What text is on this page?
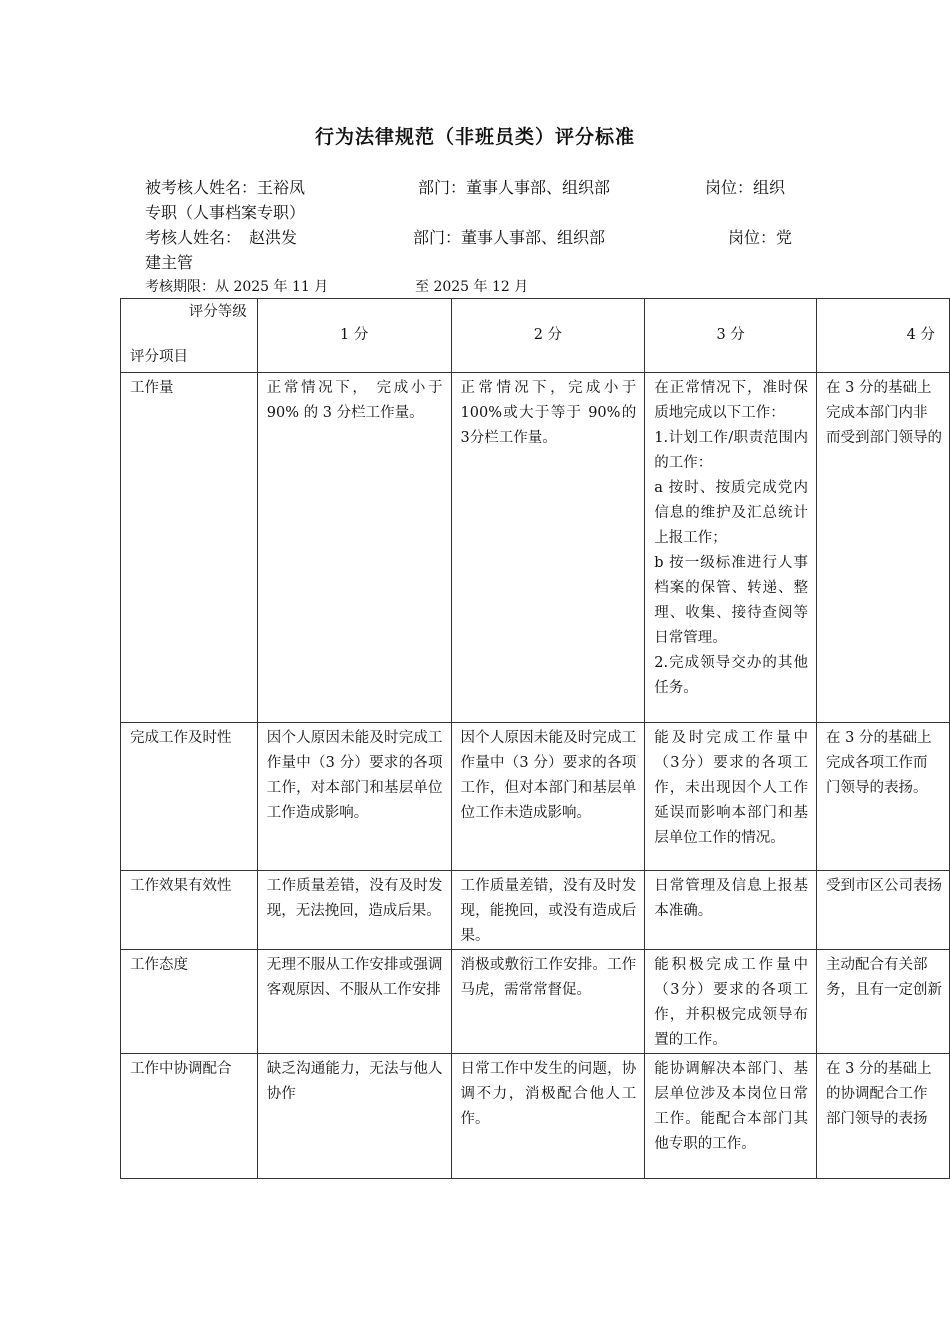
行为法律规范（非班员类）评分标准
被考核人姓名：王裕凤	部门：董事人事部、组织部	岗位：组织
专职（人事档案专职）
考核人姓名：　赵洪发	部门：董事人事部、组织部	岗位：党
建主管
考核期限：从 2025 年 11 月	至 2025 年 12 月
评分等级
评分项目	1 分	2 分	3 分	4 分
工作量	正常情况下， 完成小于90% 的 3 分栏工作量。	正常情况下，完成小于100%或大于等于 90%的 3分栏工作量。	在正常情况下，准时保质地完成以下工作：
1.计划工作/职责范围内的工作：
a 按时、按质完成党内信息的维护及汇总统计上报工作；
b 按一级标准进行人事档案的保管、转递、整理、收集、接待查阅等日常管理。
2.完成领导交办的其他任务。	在 3 分的基础上
完成本部门内非
而受到部门领导的

完成工作及时性	因个人原因未能及时完成工作量中（3 分）要求的各项工作，对本部门和基层单位工作造成影响。	因个人原因未能及时完成工作量中（3 分）要求的各项工作，但对本部门和基层单位工作未造成影响。	能及时完成工作量中（3分）要求的各项工作，未出现因个人工作延误而影响本部门和基层单位工作的情况。	在 3 分的基础上
完成各项工作而
门领导的表扬。

工作效果有效性	工作质量差错，没有及时发现，无法挽回，造成后果。	工作质量差错，没有及时发现，能挽回，或没有造成后果。	日常管理及信息上报基本准确。	受到市区公司表扬

工作态度	无理不服从工作安排或强调客观原因、不服从工作安排	消极或敷衍工作安排。工作马虎，需常常督促。	能积极完成工作量中（3分）要求的各项工作，并积极完成领导布置的工作。	主动配合有关部
务，且有一定创新

工作中协调配合	缺乏沟通能力，无法与他人协作	日常工作中发生的问题，协调不力，消极配合他人工作。	能协调解决本部门、基层单位涉及本岗位日常工作。能配合本部门其他专职的工作。	在 3 分的基础上
的协调配合工作
部门领导的表扬
